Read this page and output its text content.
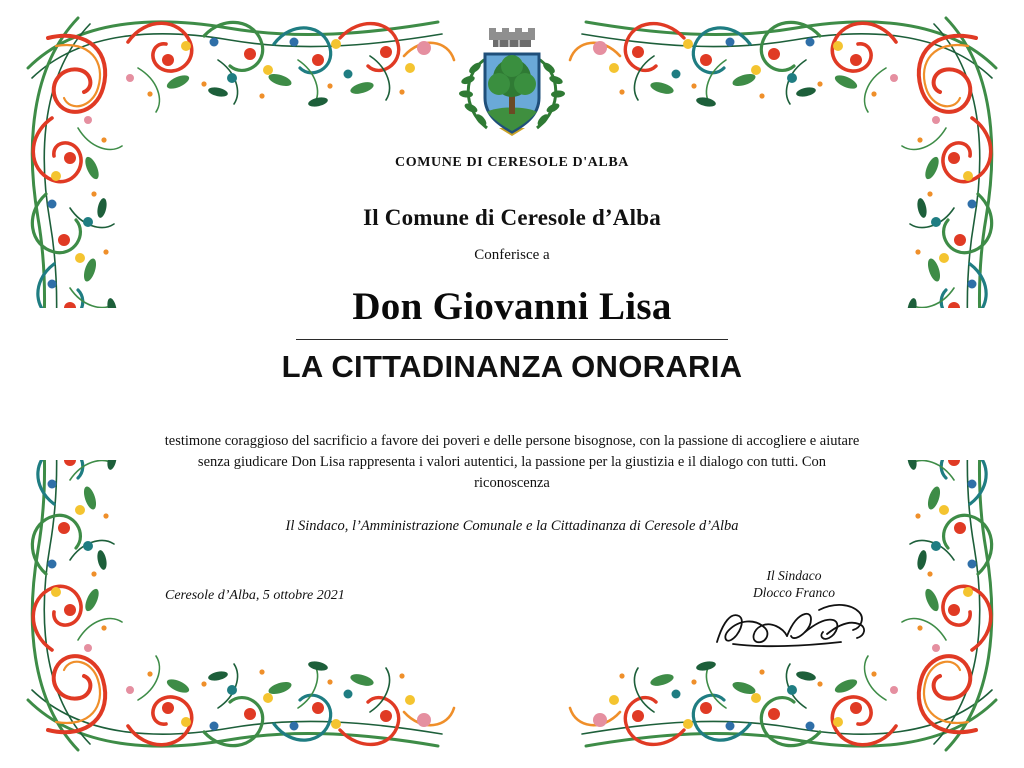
COMUNE DI CERESOLE D'ALBA
Il Comune di Ceresole d’Alba
Conferisce a
Don Giovanni Lisa
LA CITTADINANZA ONORARIA
testimone coraggioso del sacrificio a favore dei poveri e delle persone bisognose, con la passione di accogliere e aiutare senza giudicare Don Lisa rappresenta i valori autentici, la passione per la giustizia e il dialogo con tutti. Con riconoscenza
Il Sindaco, l’Amministrazione Comunale e la Cittadinanza di Ceresole d’Alba
Ceresole d’Alba, 5 ottobre 2021
Il Sindaco
Dlocco Franco
